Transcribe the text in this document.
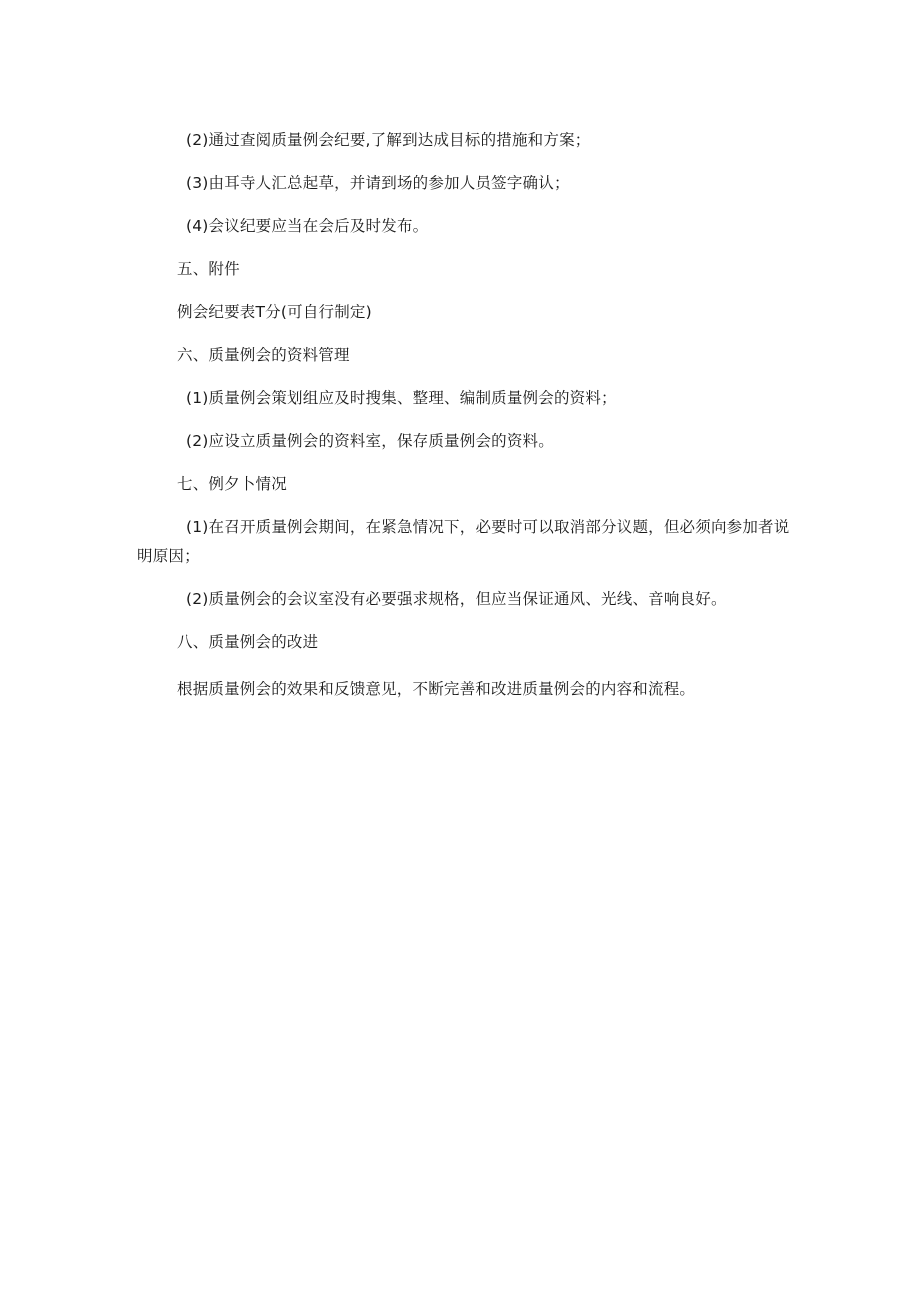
(2)通过查阅质量例会纪要,了解到达成目标的措施和方案；
(3)由耳寺人汇总起草，并请到场的参加人员签字确认；
(4)会议纪要应当在会后及时发布。
五、附件
例会纪要表T分(可自行制定)
六、质量例会的资料管理
(1)质量例会策划组应及时搜集、整理、编制质量例会的资料；
(2)应设立质量例会的资料室，保存质量例会的资料。
七、例夕卜情况
(1)在召开质量例会期间，在紧急情况下，必要时可以取消部分议题，但必须向参加者说
明原因；
(2)质量例会的会议室没有必要强求规格，但应当保证通风、光线、音响良好。
八、质量例会的改进
根据质量例会的效果和反馈意见，不断完善和改进质量例会的内容和流程。
